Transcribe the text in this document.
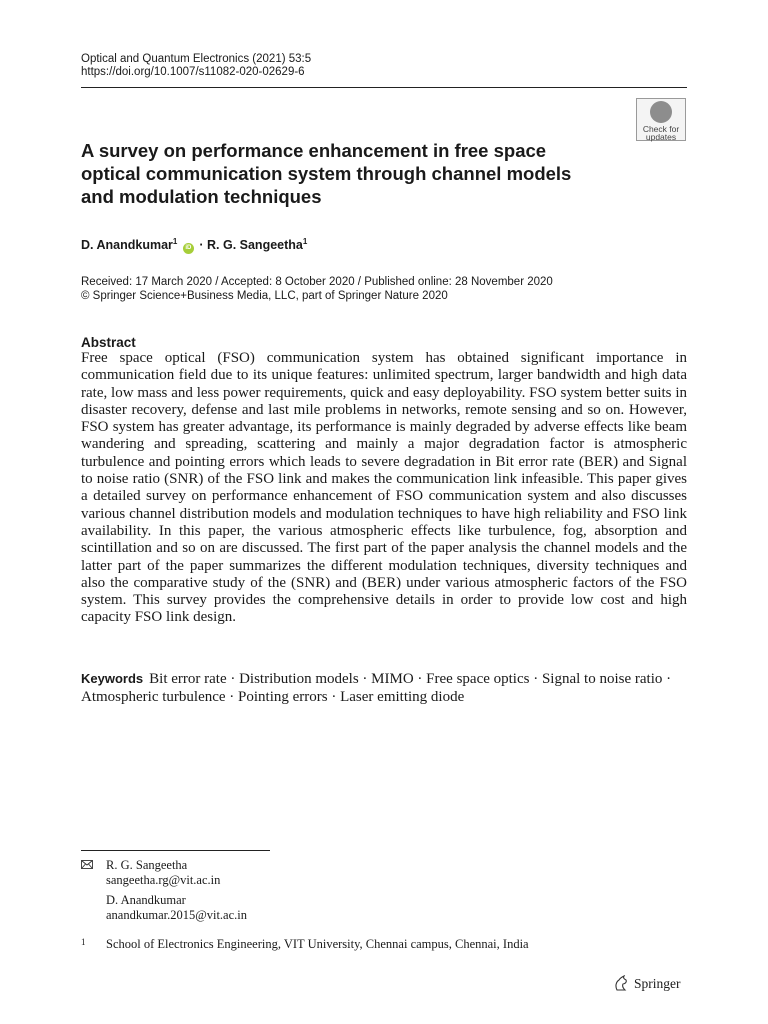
Optical and Quantum Electronics (2021) 53:5
https://doi.org/10.1007/s11082-020-02629-6
Check for
updates
A survey on performance enhancement in free space
optical communication system through channel models
and modulation techniques
D. Anandkumar$^1$ iD · R. G. Sangeetha$^1$
Received: 17 March 2020 / Accepted: 8 October 2020 / Published online: 28 November 2020
© Springer Science+Business Media, LLC, part of Springer Nature 2020
Abstract
Free space optical (FSO) communication system has obtained significant importance in communication field due to its unique features: unlimited spectrum, larger bandwidth and high data rate, low mass and less power requirements, quick and easy deployability. FSO system better suits in disaster recovery, defense and last mile problems in networks, remote sensing and so on. However, FSO system has greater advantage, its performance is mainly degraded by adverse effects like beam wandering and spreading, scattering and mainly a major degradation factor is atmospheric turbulence and pointing errors which leads to severe degradation in Bit error rate (BER) and Signal to noise ratio (SNR) of the FSO link and makes the communication link infeasible. This paper gives a detailed survey on performance enhancement of FSO communication system and also discusses various channel distribution models and modulation techniques to have high reliability and FSO link availability. In this paper, the various atmospheric effects like turbulence, fog, absorption and scintillation and so on are discussed. The first part of the paper analysis the channel models and the latter part of the paper summarizes the different modulation techniques, diversity techniques and also the comparative study of the (SNR) and (BER) under various atmospheric factors of the FSO system. This survey provides the comprehensive details in order to provide low cost and high capacity FSO link design.
Keywords Bit error rate · Distribution models · MIMO · Free space optics · Signal to noise ratio · Atmospheric turbulence · Pointing errors · Laser emitting diode
R. G. Sangeetha
sangeetha.rg@vit.ac.in
D. Anandkumar
anandkumar.2015@vit.ac.in
1 School of Electronics Engineering, VIT University, Chennai campus, Chennai, India
Springer
